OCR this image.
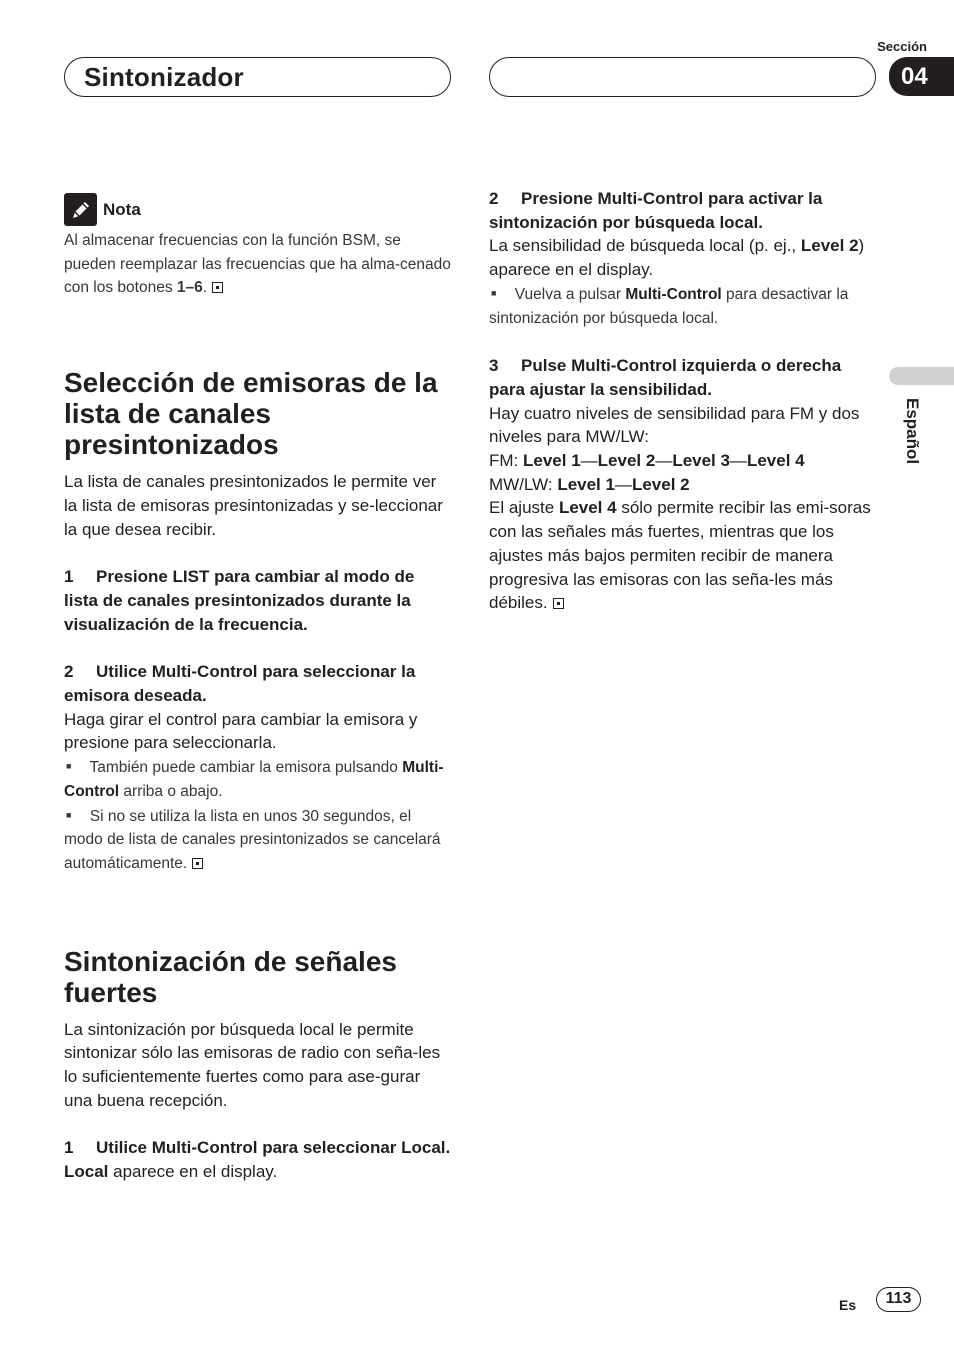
Sintonizador
Sección
04
Español
Nota

Al almacenar frecuencias con la función BSM, se pueden reemplazar las frecuencias que ha alma-cenado con los botones 1–6.

Selección de emisoras de la lista de canales presintonizados

La lista de canales presintonizados le permite ver la lista de emisoras presintonizadas y se-leccionar la que desea recibir.

1 Presione LIST para cambiar al modo de lista de canales presintonizados durante la visualización de la frecuencia.

2 Utilice Multi-Control para seleccionar la emisora deseada.

Haga girar el control para cambiar la emisora y presione para seleccionarla.

■ También puede cambiar la emisora pulsando Multi-Control arriba o abajo.

■ Si no se utiliza la lista en unos 30 segundos, el modo de lista de canales presintonizados se cancelará automáticamente.

Sintonización de señales fuertes

La sintonización por búsqueda local le permite sintonizar sólo las emisoras de radio con seña-les lo suficientemente fuertes como para ase-gurar una buena recepción.

1 Utilice Multi-Control para seleccionar Local.

Local aparece en el display.

2 Presione Multi-Control para activar la sintonización por búsqueda local.

La sensibilidad de búsqueda local (p. ej., Level 2) aparece en el display.

■ Vuelva a pulsar Multi-Control para desactivar la sintonización por búsqueda local.

3 Pulse Multi-Control izquierda o derecha para ajustar la sensibilidad.

Hay cuatro niveles de sensibilidad para FM y dos niveles para MW/LW:

FM: Level 1—Level 2—Level 3—Level 4

MW/LW: Level 1—Level 2

El ajuste Level 4 sólo permite recibir las emi-soras con las señales más fuertes, mientras que los ajustes más bajos permiten recibir de manera progresiva las emisoras con las seña-les más débiles.

Es	113
